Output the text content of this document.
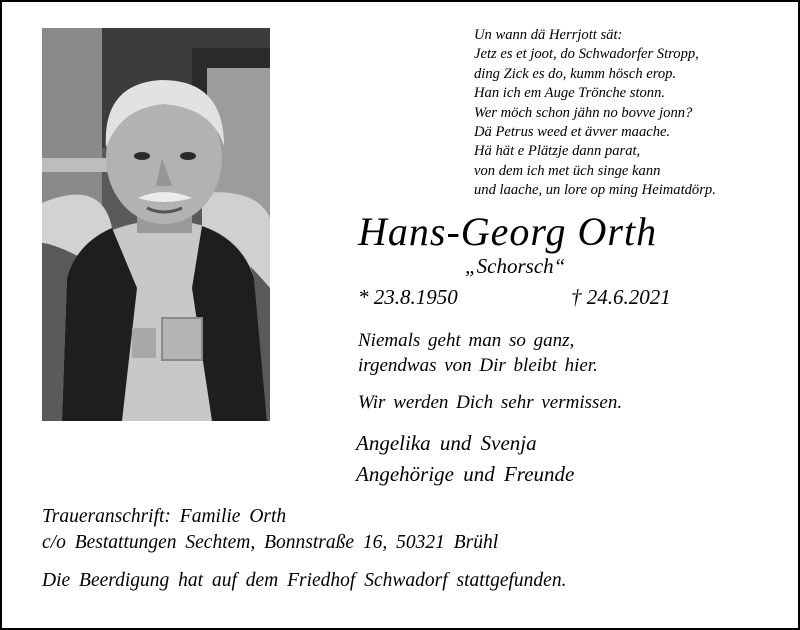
Un wann dä Herrjott sät:
Jetz es et joot, do Schwadorfer Stropp,
ding Zick es do, kumm hösch erop.
Han ich em Auge Trönche stonn.
Wer möch schon jähn no bovve jonn?
Dä Petrus weed et ävver maache.
Hä hät e Plätzje dann parat,
von dem ich met üch singe kann
und laache, un lore op ming Heimatdörp.
Hans-Georg Orth
„Schorsch“
* 23.8.1950	† 24.6.2021
Niemals geht man so ganz,
irgendwas von Dir bleibt hier.
Wir werden Dich sehr vermissen.
Angelika und Svenja
Angehörige und Freunde
Traueranschrift: Familie Orth
c/o Bestattungen Sechtem, Bonnstraße 16, 50321 Brühl
Die Beerdigung hat auf dem Friedhof Schwadorf stattgefunden.
